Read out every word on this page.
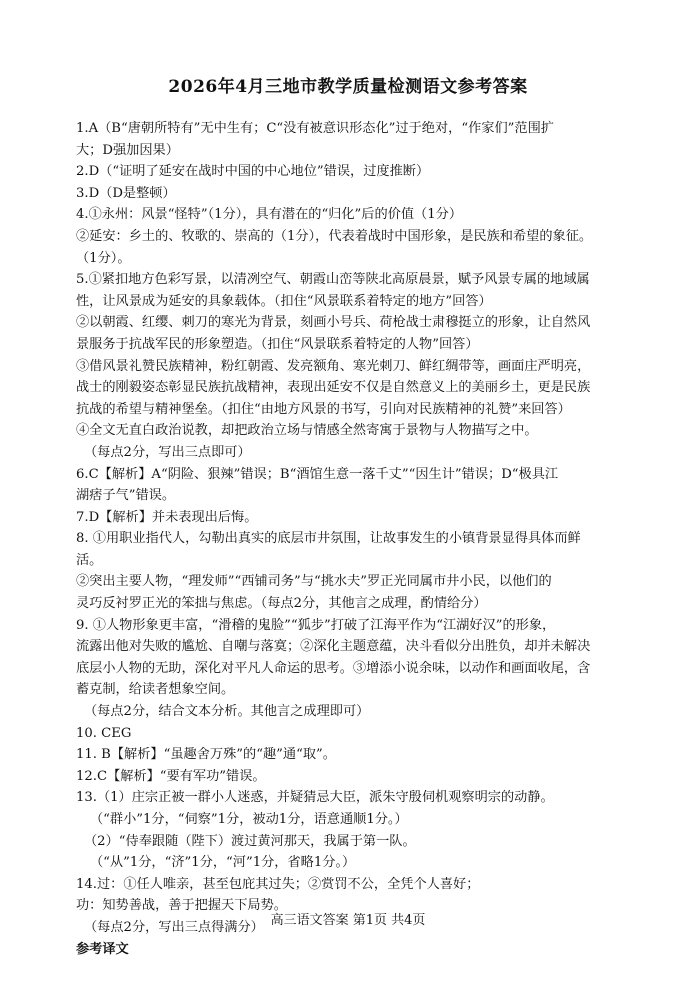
2026年4月三地市教学质量检测语文参考答案
1.A（B“唐朝所特有”无中生有；C“没有被意识形态化”过于绝对，“作家们”范围扩
大；D强加因果）
2.D（“证明了延安在战时中国的中心地位”错误，过度推断）
3.D（D是整顿）
4.①永州：风景“怪特”（1分），具有潜在的“归化”后的价值（1分）
②延安：乡土的、牧歌的、崇高的（1分），代表着战时中国形象，是民族和希望的象征。
（1分）。
5.①紧扣地方色彩写景，以清冽空气、朝霞山峦等陕北高原晨景，赋予风景专属的地域属
性，让风景成为延安的具象载体。（扣住“风景联系着特定的地方”回答）
②以朝霞、红缨、刺刀的寒光为背景，刻画小号兵、荷枪战士肃穆挺立的形象，让自然风
景服务于抗战军民的形象塑造。（扣住“风景联系着特定的人物”回答）
③借风景礼赞民族精神，粉红朝霞、发亮额角、寒光刺刀、鲜红绸带等，画面庄严明亮，
战士的刚毅姿态彰显民族抗战精神，表现出延安不仅是自然意义上的美丽乡土，更是民族
抗战的希望与精神堡垒。（扣住“由地方风景的书写，引向对民族精神的礼赞”来回答）
④全文无直白政治说教，却把政治立场与情感全然寄寓于景物与人物描写之中。
（每点2分，写出三点即可）
6.C【解析】A“阴险、狠辣”错误；B“酒馆生意一落千丈”“因生计”错误；D“极具江
湖痞子气”错误。
7.D【解析】并未表现出后悔。
8. ①用职业指代人，勾勒出真实的底层市井氛围，让故事发生的小镇背景显得具体而鲜
活。
②突出主要人物，“理发师”“西铺司务”与“挑水夫”罗正光同属市井小民，以他们的
灵巧反衬罗正光的笨拙与焦虑。（每点2分，其他言之成理，酌情给分）
9. ①人物形象更丰富，“滑稽的鬼脸”“狐步”打破了江海平作为“江湖好汉”的形象，
流露出他对失败的尴尬、自嘲与落寞；②深化主题意蕴，决斗看似分出胜负，却并未解决
底层小人物的无助，深化对平凡人命运的思考。③增添小说余味，以动作和画面收尾，含
蓄克制，给读者想象空间。
（每点2分，结合文本分析。其他言之成理即可）
10. CEG
11. B【解析】“虽趣舍万殊”的“趣”通“取”。
12.C【解析】“要有军功”错误。
13.（1）庄宗正被一群小人迷惑，并疑猜忌大臣，派朱守殷伺机观察明宗的动静。
（“群小”1分，“伺察”1分，被动1分，语意通顺1分。）
（2）“侍奉跟随（陛下）渡过黄河那天，我属于第一队。
（“从”1分，“济”1分，“河”1分，省略1分。）
14.过：①任人唯亲，甚至包庇其过失；②赏罚不公，全凭个人喜好；
功：知势善战，善于把握天下局势。
（每点2分，写出三点得满分）
参考译文
高三语文答案 第1页 共4页
